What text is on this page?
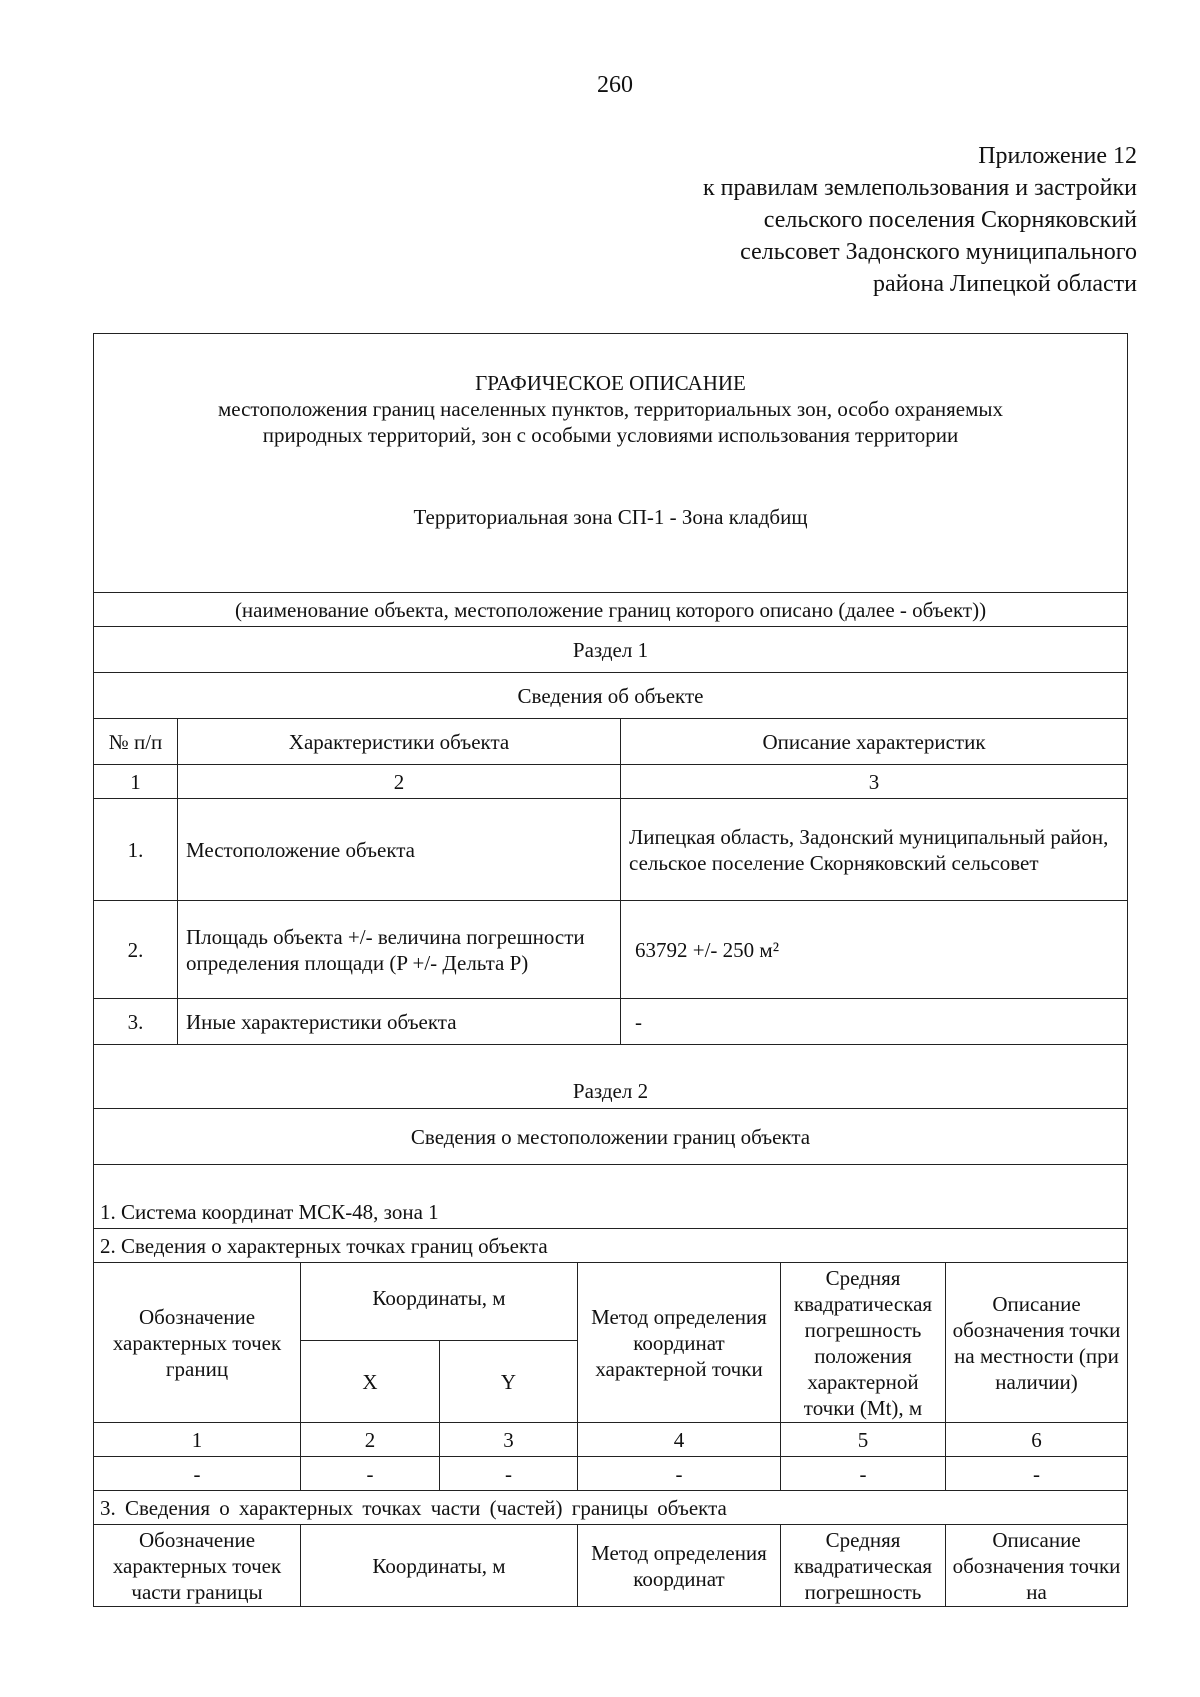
260
Приложение 12
к правилам землепользования и застройки
сельского поселения Скорняковский
сельсовет Задонского муниципального
района Липецкой области
ГРАФИЧЕСКОЕ ОПИСАНИЕ
местоположения границ населенных пунктов, территориальных зон, особо охраняемых
природных территорий, зон с особыми условиями использования территории
Территориальная зона СП-1 - Зона кладбищ							

(наименование объекта, местоположение границ которого описано (далее - объект))							
Раздел 1							
Сведения об объекте							
№ п/п	Характеристики объекта				Описание характеристик		
1	2				3		
1.	Местоположение объекта				Липецкая область, Задонский муниципальный район, сельское поселение Скорняковский сельсовет		
2.	Площадь объекта +/- величина погрешности определения площади (P +/- Дельта P)				63792 +/- 250 м²		
3.	Иные характеристики объекта				-		
Раздел 2							
Сведения о местоположении границ объекта							
1. Система координат МСК-48, зона 1							
2. Сведения о характерных точках границ объекта							
Обозначение характерных точек границ		Координаты, м		Метод определения координат характерной точки		Средняя квадратическая погрешность положения характерной точки (Mt), м	Описание обозначения точки на местности (при наличии)
		X	Y				
1		2	3	4		5	6
-		-	-	-		-	-
3. Сведения о характерных точках части (частей) границы объекта							
Обозначение характерных точек части границы		Координаты, м		Метод определения координат		Средняя квадратическая погрешность	Описание обозначения точки на
